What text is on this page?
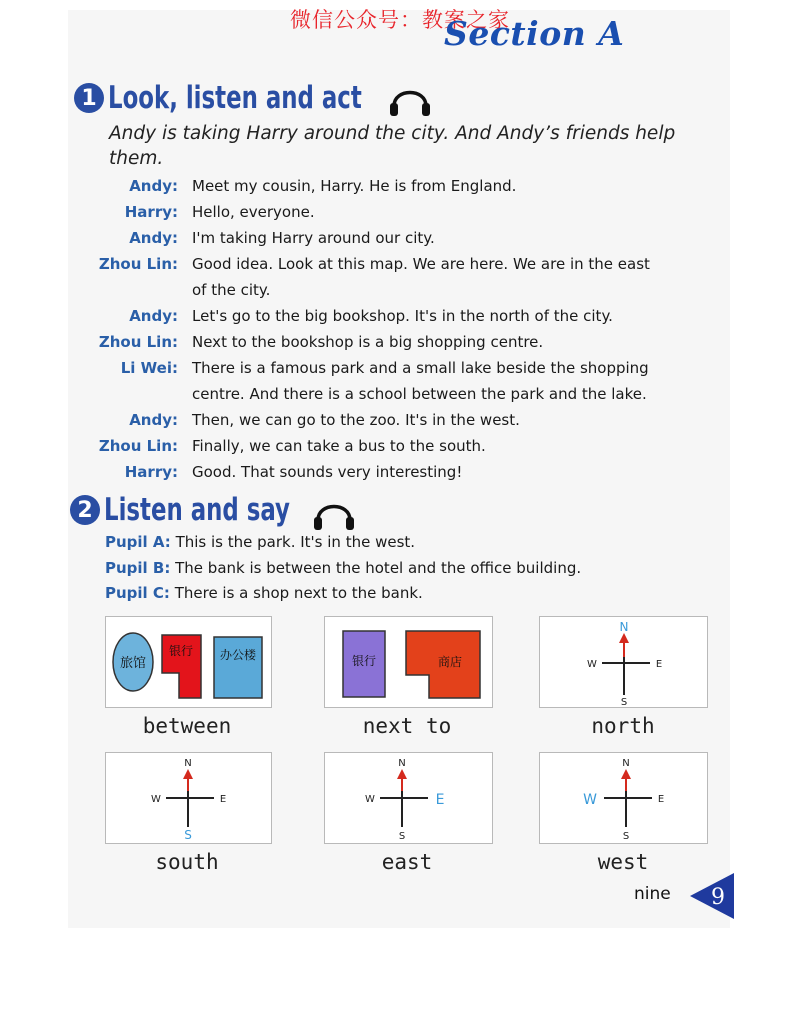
微信公众号：教案之家
Section A
1 Look, listen and act
Andy is taking Harry around the city. And Andy’s friends help them.
Andy: Meet my cousin, Harry. He is from England.
Harry: Hello, everyone.
Andy: I'm taking Harry around our city.
Zhou Lin: Good idea. Look at this map. We are here. We are in the east
of the city.
Andy: Let's go to the big bookshop. It's in the north of the city.
Zhou Lin: Next to the bookshop is a big shopping centre.
Li Wei: There is a famous park and a small lake beside the shopping
centre. And there is a school between the park and the lake.
Andy: Then, we can go to the zoo. It's in the west.
Zhou Lin: Finally, we can take a bus to the south.
Harry: Good. That sounds very interesting!
2 Listen and say
Pupil A: This is the park. It's in the west.
Pupil B: The bank is between the hotel and the office building.
Pupil C: There is a shop next to the bank.
旅馆
银行 办公楼
between
银行	商店
next to
N
S
W	E
north
N
S
W	E
south
N
S
W	E
east
N
S
W	E
west
nine 9
